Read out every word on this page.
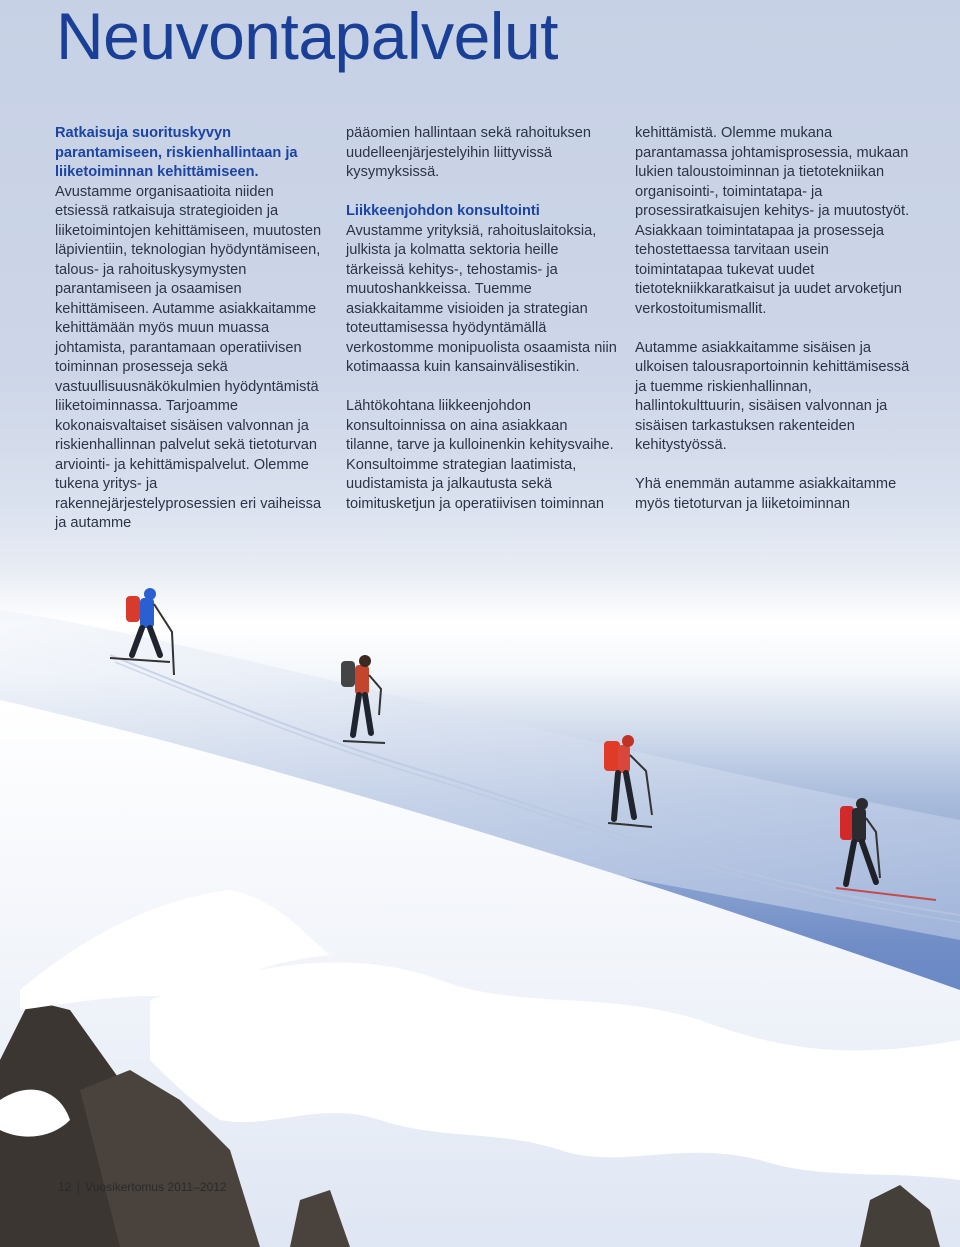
Neuvontapalvelut

Ratkaisuja suorituskyvyn parantamiseen, riskienhallintaan ja liiketoiminnan kehittämiseen.
Avustamme organisaatioita niiden etsiessä ratkaisuja strategioiden ja liiketoimintojen kehittämiseen, muutosten läpivientiin, teknologian hyödyntämiseen, talous- ja rahoituskysymysten parantamiseen ja osaamisen kehittämiseen. Autamme asiakkaitamme kehittämään myös muun muassa johtamista, parantamaan operatiivisen toiminnan prosesseja sekä vastuullisuusnäkökulmien hyödyntämistä liiketoiminnassa. Tarjoamme kokonaisvaltaiset sisäisen valvonnan ja riskienhallinnan palvelut sekä tietoturvan arviointi- ja kehittämispalvelut. Olemme tukena yritys- ja rakennejärjestelyprosessien eri vaiheissa ja autamme

pääomien hallintaan sekä rahoituksen uudelleenjärjestelyihin liittyvissä kysymyksissä.

Liikkeenjohdon konsultointi
Avustamme yrityksiä, rahoituslaitoksia, julkista ja kolmatta sektoria heille tärkeissä kehitys-, tehostamis- ja muutoshankkeissa. Tuemme asiakkaitamme visioiden ja strategian toteuttamisessa hyödyntämällä verkostomme monipuolista osaamista niin kotimaassa kuin kansainvälisestikin.

Lähtökohtana liikkeenjohdon konsultoinnissa on aina asiakkaan tilanne, tarve ja kulloinenkin kehitysvaihe. Konsultoimme strategian laatimista, uudistamista ja jalkautusta sekä toimitusketjun ja operatiivisen toiminnan

kehittämistä. Olemme mukana parantamassa johtamisprosessia, mukaan lukien taloustoiminnan ja tietotekniikan organisointi-, toimintatapa- ja prosessiratkaisujen kehitys- ja muutostyöt. Asiakkaan toimintatapaa ja prosesseja tehostettaessa tarvitaan usein toimintatapaa tukevat uudet tietotekniikkaratkaisut ja uudet arvoketjun verkostoitumismallit.

Autamme asiakkaitamme sisäisen ja ulkoisen talousraportoinnin kehittämisessä ja tuemme riskienhallinnan, hallintokulttuurin, sisäisen valvonnan ja sisäisen tarkastuksen rakenteiden kehitystyössä.

Yhä enemmän autamme asiakkaitamme myös tietoturvan ja liiketoiminnan

12 | Vuosikertomus 2011–2012
